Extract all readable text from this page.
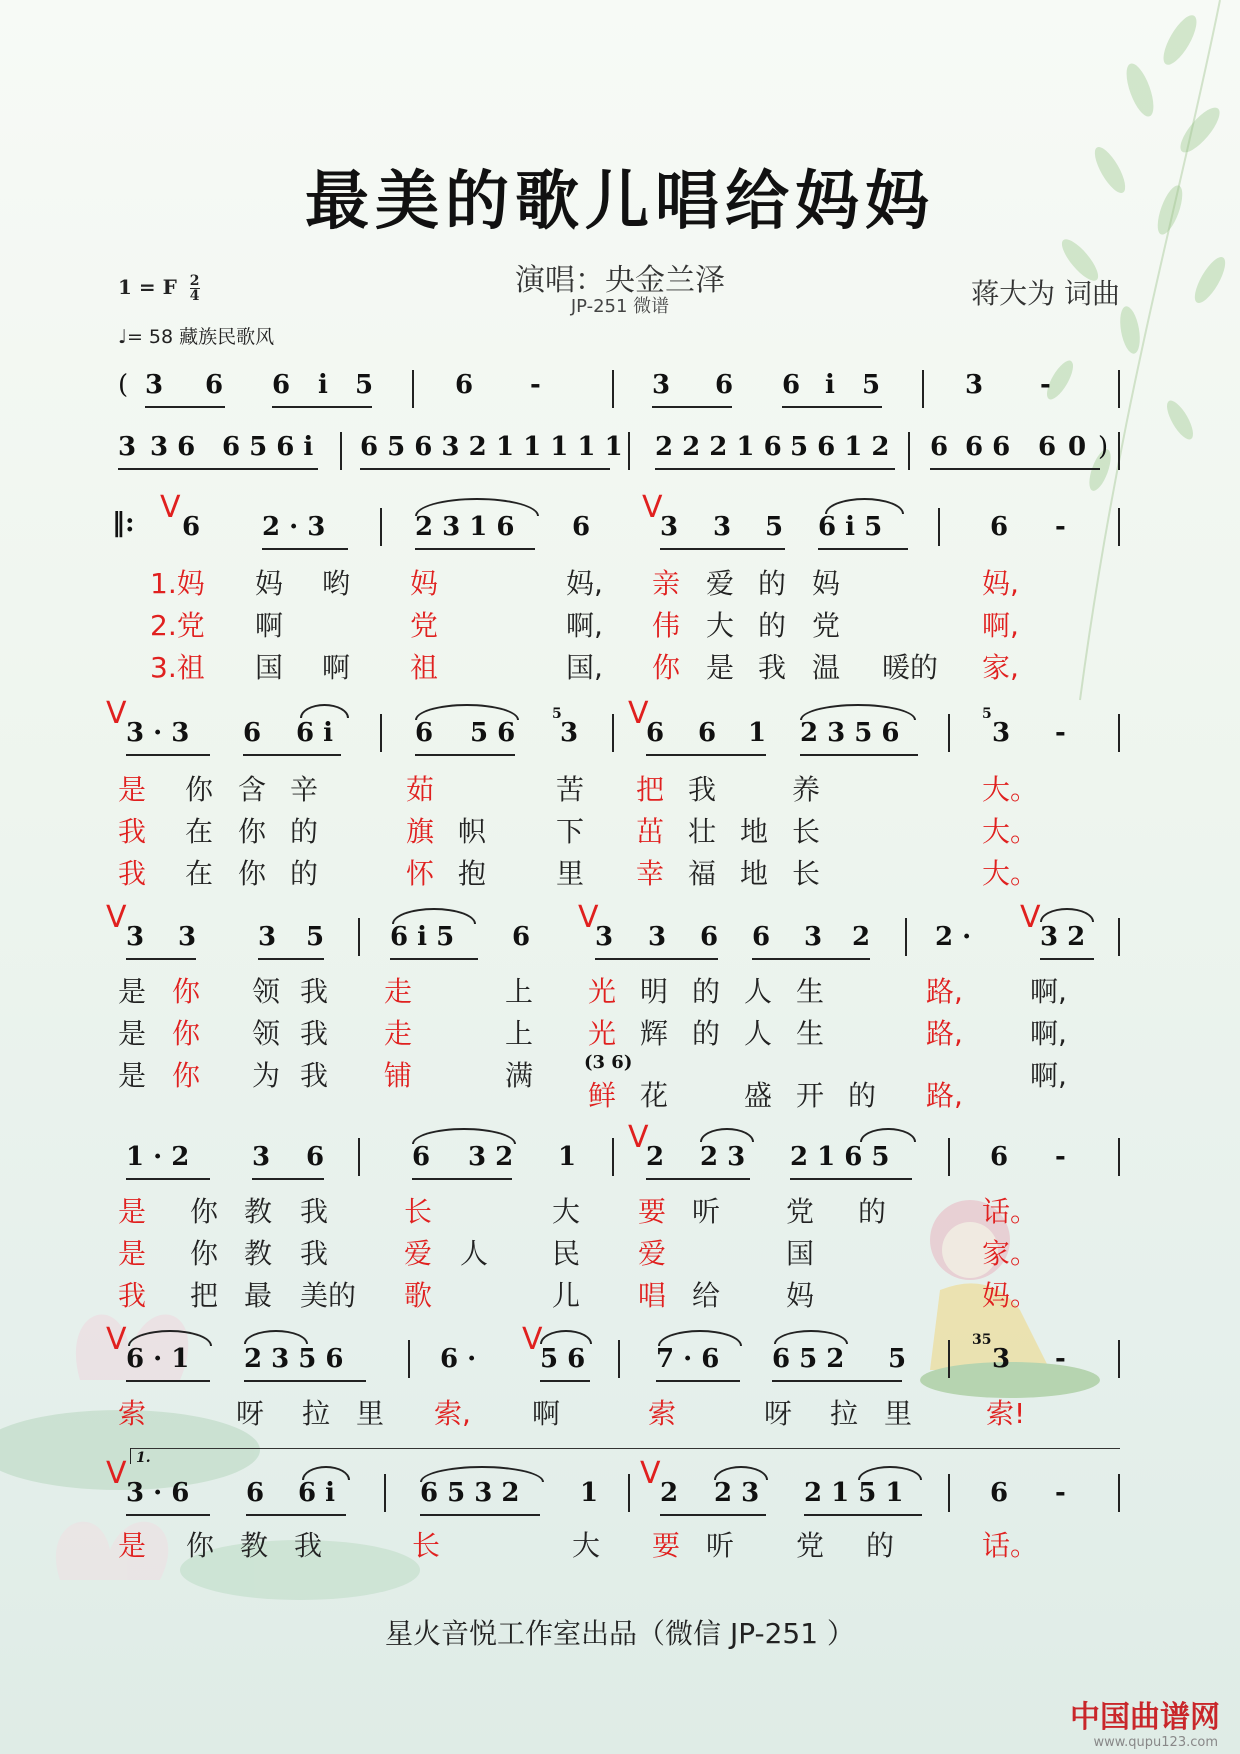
最美的歌儿唱给妈妈
演唱：央金兰泽
JP-251 微谱	蒋大为 词曲
1 = F $\frac{2}{4}$
♩= 58 藏族民歌风
( 3 6 6 i 5	6 -	3 6 6 i 5	3 -
3 3 6 6 5 6 i 6 5 6 3 2 1 1 1 1 1 2 2 2 1 6 5 6 1 2 6 6 6 6 0 )
‖: V
6 2 · 3	2 3 1 6 6
V
3 3 5 6 i 5	6 -
1.妈 妈 哟 妈	妈, 亲 爱 的 妈	妈,
2.党 啊	党	啊, 伟 大 的 党	啊,
3.祖 国 啊 祖	国, 你 是 我 温 暖的 家,
V
3 · 3 6 6 i	6 5 6
5
3
V
6 6 1 2 3 5 6
5
3 -
是 你 含 辛	茹	苦 把 我	养	大。
我 在 你 的	旗 帜 下 茁 壮 地 长	大。
我 在 你 的	怀 抱 里 幸 福 地 长	大。
V
3 3 3 5	6 i 5 6
V
3 3 6 6 3 2 2 ·
V
3 2
是 你 领 我 走	上 光 明 的 人 生	路, 啊,
是 你 领 我 走	上 光 辉 的 人 生	路, 啊,
是 你 为 我 铺	满	(3 6)
鲜 花	盛 开 的 路,
啊,
1 · 2 3 6	6 3 2 1
V
2 2 3 2 1 6 5	6 -
是 你 教 我	长	大 要 听 党 的	话。
是 你 教 我	爱 人 民 爱	国	家。
我 把 最 美的 歌	儿 唱 给 妈	妈。
V
6 · 1 2 3 5 6	6 ·
V
5 6	7 · 6 6 5 2 5
35
3 -
索	呀 拉 里 索, 啊	索	呀 拉 里	索!
1.
V
3 · 6 6 6 i	6 5 3 2 1
V
2 2 3 2 1 5 1	6 -
是 你 教 我	长	大 要 听 党 的	话。
星火音悦工作室出品（微信 JP-251 ）
中国曲谱网
www.qupu123.com
